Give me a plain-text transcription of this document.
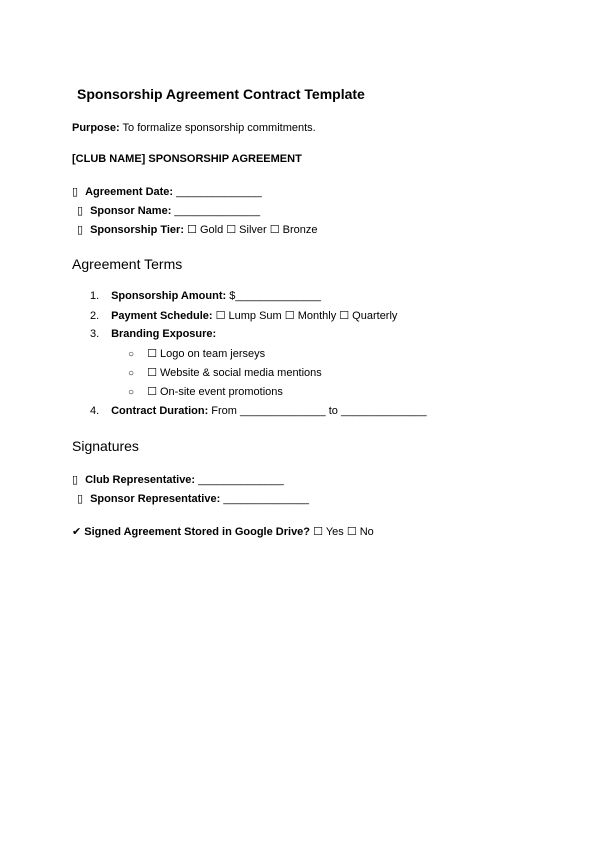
Sponsorship Agreement Contract Template
Purpose: To formalize sponsorship commitments.
[CLUB NAME] SPONSORSHIP AGREEMENT
▯ Agreement Date: ______________
▯ Sponsor Name: ______________
▯ Sponsorship Tier: ☐ Gold ☐ Silver ☐ Bronze
Agreement Terms
1. Sponsorship Amount: $______________
2. Payment Schedule: ☐ Lump Sum ☐ Monthly ☐ Quarterly
3. Branding Exposure:
○ ☐ Logo on team jerseys
○ ☐ Website & social media mentions
○ ☐ On-site event promotions
4. Contract Duration: From ______________ to ______________
Signatures
▯ Club Representative: ______________
▯ Sponsor Representative: ______________
✔ Signed Agreement Stored in Google Drive? ☐ Yes ☐ No
